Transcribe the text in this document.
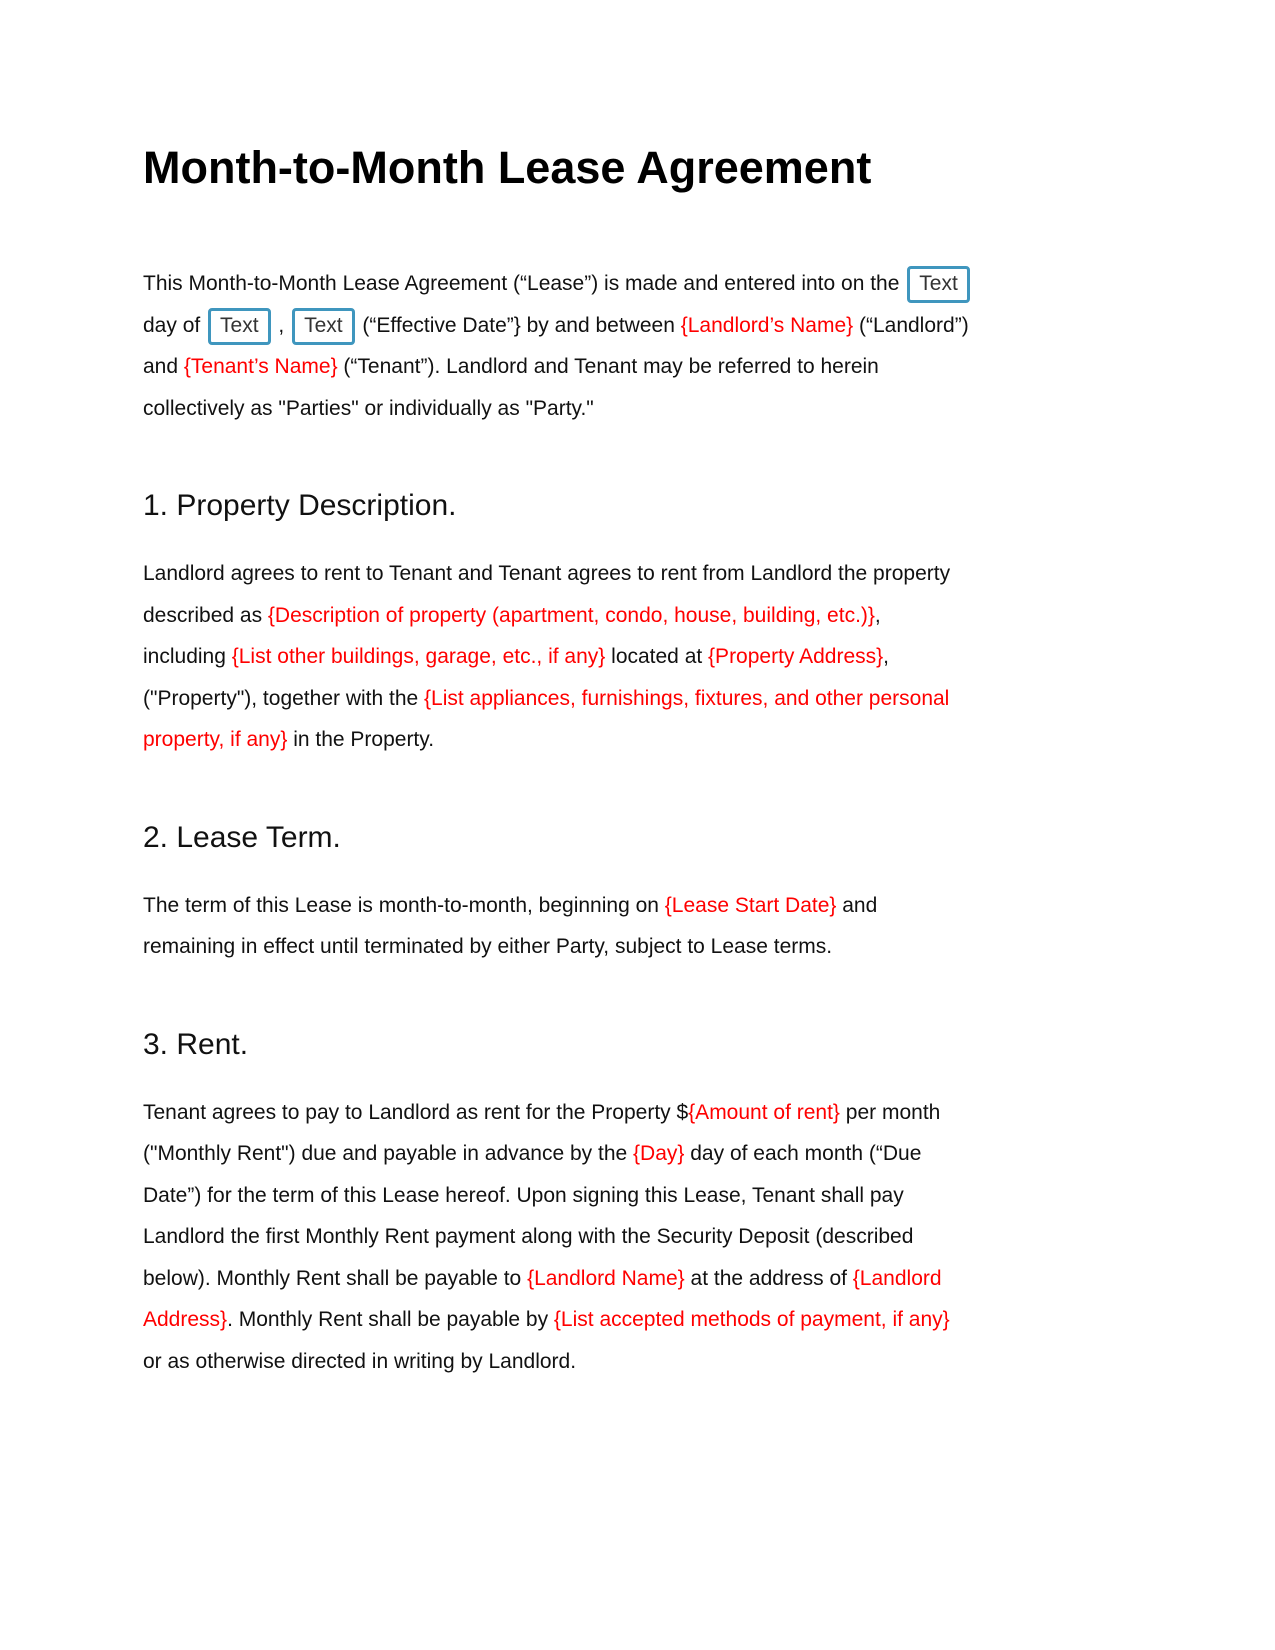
Month-to-Month Lease Agreement

This Month-to-Month Lease Agreement (“Lease”) is made and entered into on the Text
day of Text , Text (“Effective Date”} by and between {Landlord’s Name} (“Landlord”)
and {Tenant’s Name} (“Tenant”). Landlord and Tenant may be referred to herein
collectively as "Parties" or individually as "Party."

1. Property Description.

Landlord agrees to rent to Tenant and Tenant agrees to rent from Landlord the property
described as {Description of property (apartment, condo, house, building, etc.)},
including {List other buildings, garage, etc., if any} located at {Property Address},
("Property"), together with the {List appliances, furnishings, fixtures, and other personal
property, if any} in the Property.

2. Lease Term.

The term of this Lease is month-to-month, beginning on {Lease Start Date} and
remaining in effect until terminated by either Party, subject to Lease terms.

3. Rent.

Tenant agrees to pay to Landlord as rent for the Property ${Amount of rent} per month
("Monthly Rent") due and payable in advance by the {Day} day of each month (“Due
Date”) for the term of this Lease hereof. Upon signing this Lease, Tenant shall pay
Landlord the first Monthly Rent payment along with the Security Deposit (described
below). Monthly Rent shall be payable to {Landlord Name} at the address of {Landlord
Address}. Monthly Rent shall be payable by {List accepted methods of payment, if any}
or as otherwise directed in writing by Landlord.
